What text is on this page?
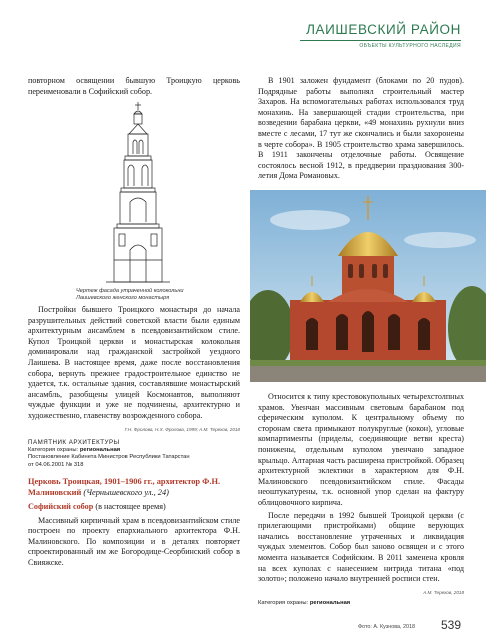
ЛАИШЕВСКИЙ РАЙОН
ОБЪЕКТЫ КУЛЬТУРНОГО НАСЛЕДИЯ

повторном освящении бывшую Троицкую церковь переименовали в Софийский собор.

Чертеж фасада утраченной колокольни
Лаишевского женского монастыря

Постройки бывшего Троицкого монастыря до начала разрушительных действий советской власти были единым архитектурным ансамблем в псевдовизантийском стиле. Купол Троицкой церкви и монастырская колокольня доминировали над гражданской застройкой уездного Лаишева. В настоящее время, даже после восстановления собора, вернуть прежнее градостроительное единство не удается, т.к. остальные здания, составлявшие монастырский ансамбль, разобщены улицей Космонавтов, выполняют чуждые функции и уже не подчинены, архитектурно и художественно, главенству возрожденного собора.

Г.Н. Фролова, Н.Х. Фролова, 1999; А.М. Терехов, 2018

ПАМЯТНИК АРХИТЕКТУРЫ

Категория охраны: региональная

Постановление Кабинета Министров Республики Татарстан

от 04.06.2001 № 318

Церковь Троицкая, 1901–1906 гг., архитектор Ф.Н. Малиновский (Чернышевского ул., 24)

Софийский собор (в настоящее время)

Массивный кирпичный храм в псевдовизантийском стиле построен по проекту епархиального архитектора Ф.Н. Малиновского. По композиции и в деталях повторяет спроектированный им же Богородице-Сеорбинский собор в Свияжске.

В 1901 заложен фундамент (блоками по 20 пудов). Подрядные работы выполнял строительный мастер Захаров. На вспомогательных работах использовался труд монахинь. На завершающей стадии строительства, при возведении барабана церкви, «49 монахинь рухнули вниз вместе с лесами, 17 тут же скончались и были захоронены в черте собора». В 1905 строительство храма завершилось. В 1911 закончены отделочные работы. Освящение состоялось весной 1912, в преддверии празднования 300-летия Дома Романовых.

Относится к типу крестовокупольных четырехстолпных храмов. Увенчан массивным световым барабаном под сферическим куполом. К центральному объему по сторонам света примыкают полукруглые (кокон), угловые компартименты (приделы, соединяющие ветви креста) понижены, отдельным куполом увенчано западное крыльцо. Алтарная часть расширена пристройкой. Образец архитектурной эклектики в характерном для Ф.Н. Малиновского псевдовизантийском стиле. Фасады неоштукатурены, т.к. основной упор сделан на фактуру облицовочного кирпича.

После передачи в 1992 бывшей Троицкой церкви (с прилегающими пристройками) общине верующих начались восстановление утраченных и ликвидация чуждых элементов. Собор был заново освящен и с этого момента называется Софийским. В 2011 заменена кровля на всех куполах с нанесением нитрида титана «под золото»; положено начало внутренней росписи стен.

А.М. Терехов, 2018

Категория охраны: региональная

Фото: А. Кузнова, 2018 539
